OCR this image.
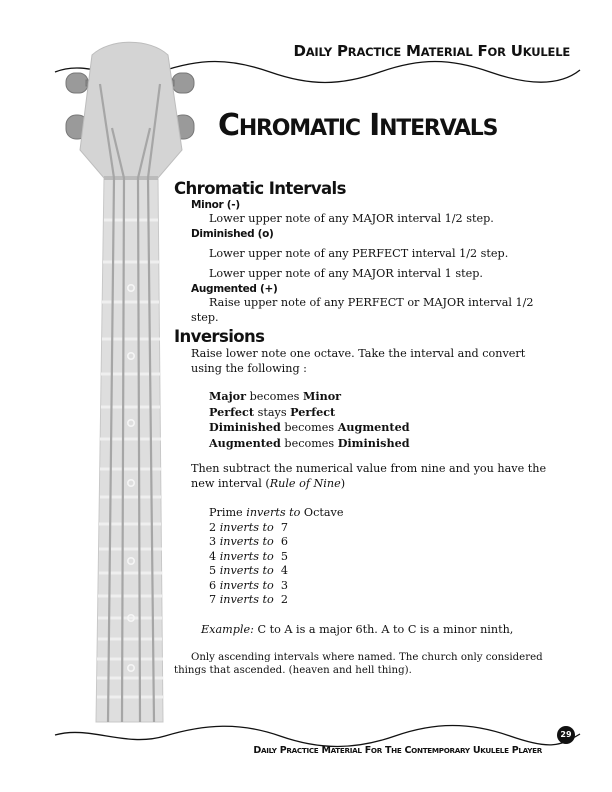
DAILY PRACTICE MATERIAL FOR UKULELE
CHROMATIC INTERVALS
Chromatic Intervals
Minor (-)
Lower upper note of any MAJOR interval 1/2 step.
Diminished (o)
Lower upper note of any PERFECT interval 1/2 step.
Lower upper note of any MAJOR interval 1 step.
Augmented (+)
Raise upper note of any PERFECT or MAJOR interval 1/2 step.
Inversions
Raise lower note one octave. Take the interval and convert using the following :
Major becomes Minor
Perfect stays Perfect
Diminished becomes Augmented
Augmented becomes Diminished
Then subtract the numerical value from nine and you have the new interval (Rule of Nine)
Prime inverts to Octave
2 inverts to 7
3 inverts to 6
4 inverts to 5
5 inverts to 4
6 inverts to 3
7 inverts to 2
Example: C to A is a major 6th. A to C is a minor ninth,
Only ascending intervals where named. The church only considered things that ascended. (heaven and hell thing).
DAILY PRACTICE MATERIAL FOR THE CONTEMPORARY UKULELE PLAYER
29
